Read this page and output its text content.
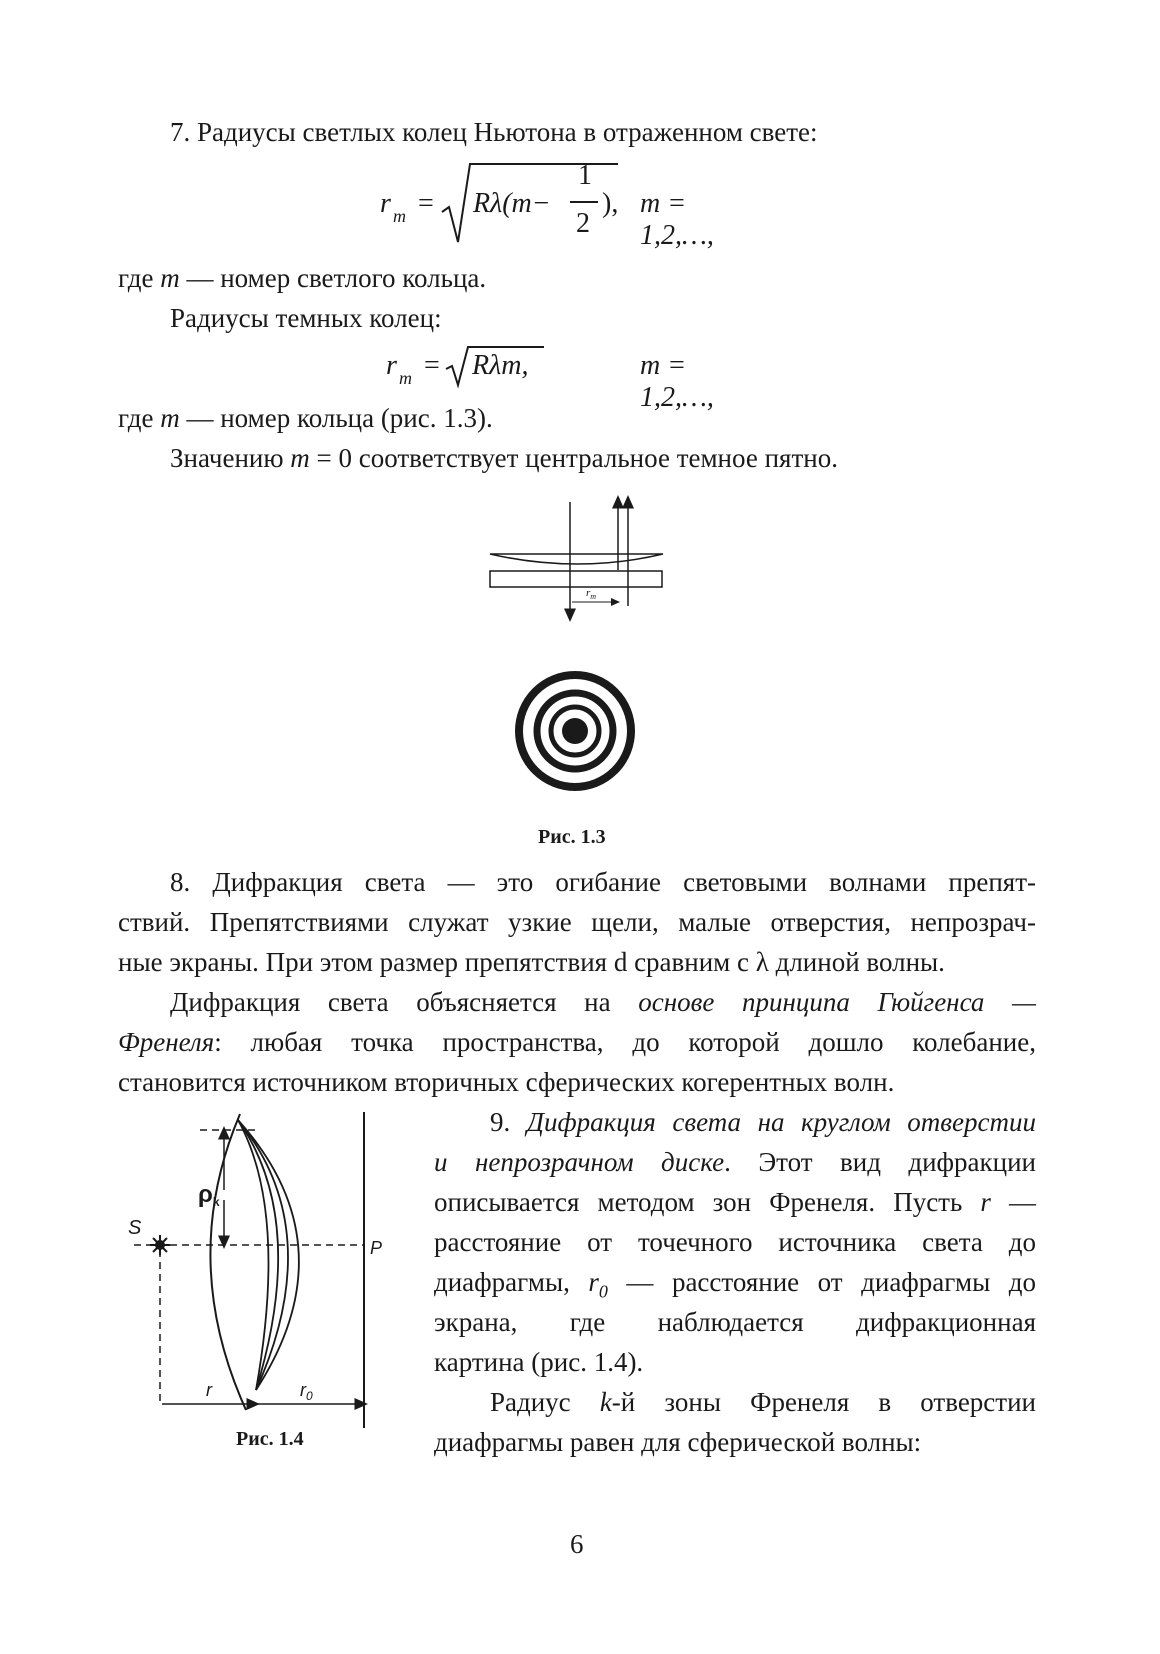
7. Радиусы светлых колец Ньютона в отраженном свете:
r m = Rλ(m−
1
2
), m = 1,2,…,
где m — номер светлого кольца.
Радиусы темных колец:
r m = Rλm,	m = 1,2,…,
где m — номер кольца (рис. 1.3).
Значению m = 0 соответствует центральное темное пятно.
$r_m$
Рис. 1.3
8. Дифракция света — это огибание световыми волнами препят-
ствий. Препятствиями служат узкие щели, малые отверстия, непрозрач-
ные экраны. При этом размер препятствия d сравним с λ длиной волны.
Дифракция света объясняется на основе принципа Гюйгенса —
Френеля: любая точка пространства, до которой дошло колебание,
становится источником вторичных сферических когерентных волн.
ρk
S
P
r	$r_0$
Рис. 1.4
9. Дифракция света на круглом отверстии
и непрозрачном диске. Этот вид дифракции
описывается методом зон Френеля. Пусть r —
расстояние от точечного источника света до
диафрагмы, $r_0$ — расстояние от диафрагмы до
экрана, где наблюдается дифракционная
картина (рис. 1.4).
Радиус k-й зоны Френеля в отверстии
диафрагмы равен для сферической волны:
6
